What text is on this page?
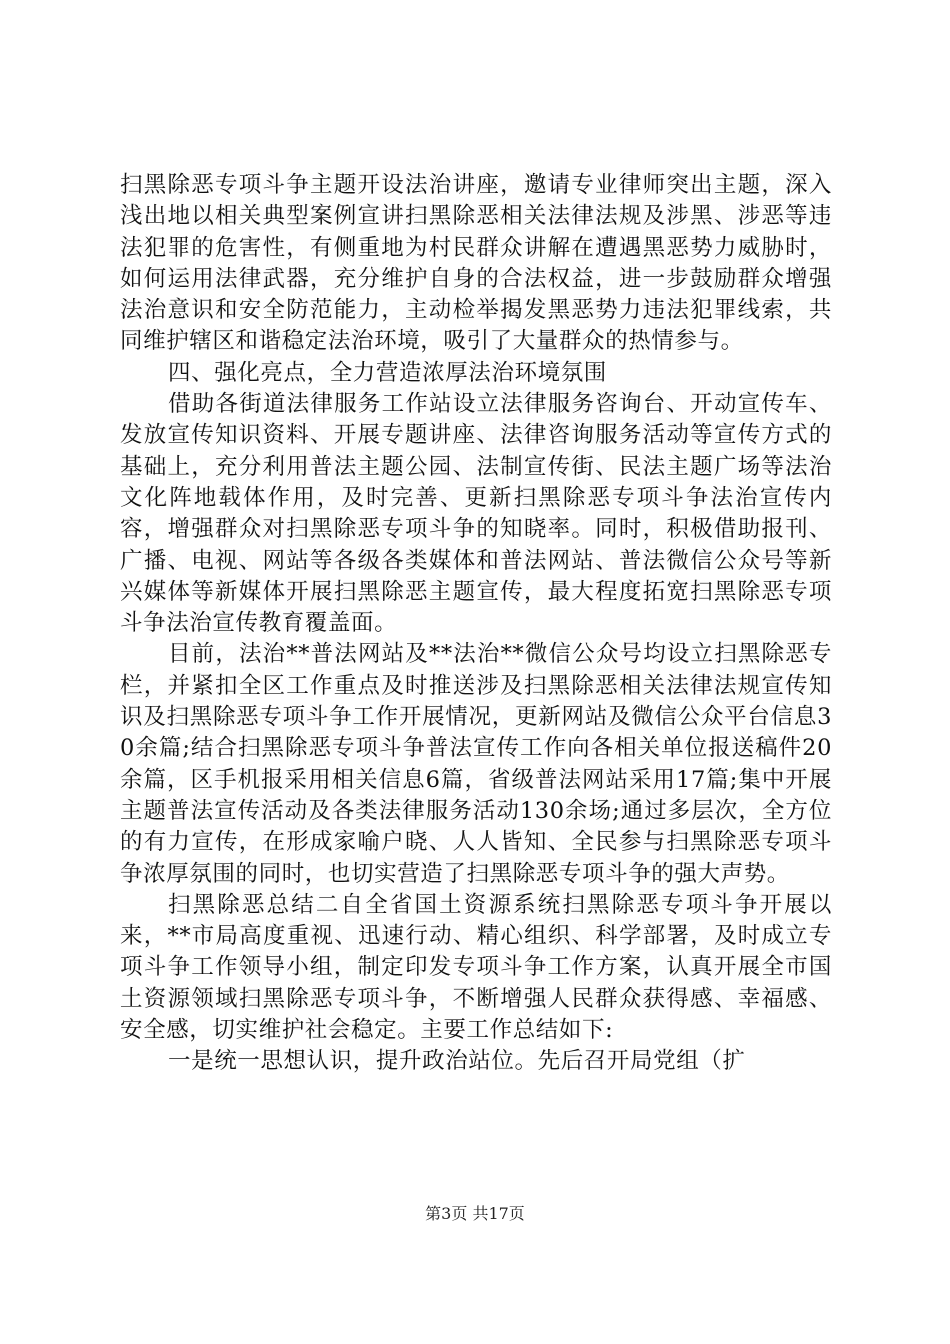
扫黑除恶专项斗争主题开设法治讲座，邀请专业律师突出主题，深入浅出地以相关典型案例宣讲扫黑除恶相关法律法规及涉黑、涉恶等违法犯罪的危害性，有侧重地为村民群众讲解在遭遇黑恶势力威胁时，如何运用法律武器，充分维护自身的合法权益，进一步鼓励群众增强法治意识和安全防范能力，主动检举揭发黑恶势力违法犯罪线索，共同维护辖区和谐稳定法治环境，吸引了大量群众的热情参与。

四、强化亮点，全力营造浓厚法治环境氛围

借助各街道法律服务工作站设立法律服务咨询台、开动宣传车、发放宣传知识资料、开展专题讲座、法律咨询服务活动等宣传方式的基础上，充分利用普法主题公园、法制宣传街、民法主题广场等法治文化阵地载体作用，及时完善、更新扫黑除恶专项斗争法治宣传内容，增强群众对扫黑除恶专项斗争的知晓率。同时，积极借助报刊、广播、电视、网站等各级各类媒体和普法网站、普法微信公众号等新兴媒体等新媒体开展扫黑除恶主题宣传，最大程度拓宽扫黑除恶专项斗争法治宣传教育覆盖面。

目前，法治**普法网站及**法治**微信公众号均设立扫黑除恶专栏，并紧扣全区工作重点及时推送涉及扫黑除恶相关法律法规宣传知识及扫黑除恶专项斗争工作开展情况，更新网站及微信公众平台信息30余篇;结合扫黑除恶专项斗争普法宣传工作向各相关单位报送稿件20余篇，区手机报采用相关信息6篇，省级普法网站采用17篇;集中开展主题普法宣传活动及各类法律服务活动130余场;通过多层次，全方位的有力宣传，在形成家喻户晓、人人皆知、全民参与扫黑除恶专项斗争浓厚氛围的同时，也切实营造了扫黑除恶专项斗争的强大声势。

扫黑除恶总结二自全省国土资源系统扫黑除恶专项斗争开展以来，**市局高度重视、迅速行动、精心组织、科学部署，及时成立专项斗争工作领导小组，制定印发专项斗争工作方案，认真开展全市国土资源领域扫黑除恶专项斗争，不断增强人民群众获得感、幸福感、安全感，切实维护社会稳定。主要工作总结如下:

一是统一思想认识，提升政治站位。先后召开局党组（扩

第3页 共17页
